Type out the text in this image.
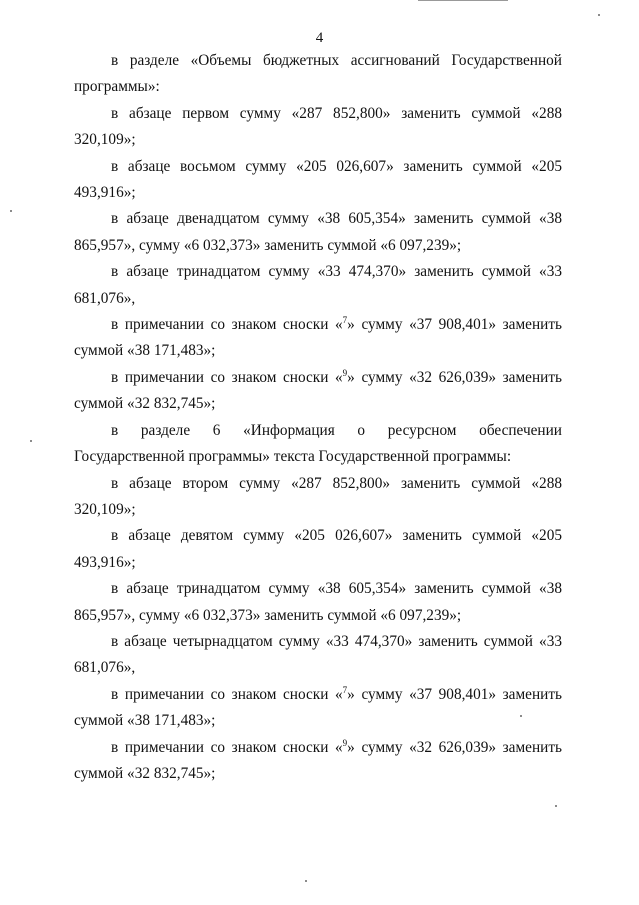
4

в разделе «Объемы бюджетных ассигнований Государственной программы»:

в абзаце первом сумму «287 852,800» заменить суммой «288 320,109»;

в абзаце восьмом сумму «205 026,607» заменить суммой «205 493,916»;

в абзаце двенадцатом сумму «38 605,354» заменить суммой «38 865,957», сумму «6 032,373» заменить суммой «6 097,239»;

в абзаце тринадцатом сумму «33 474,370» заменить суммой «33 681,076»,

в примечании со знаком сноски «$^7$» сумму «37 908,401» заменить суммой «38 171,483»;

в примечании со знаком сноски «$^9$» сумму «32 626,039» заменить суммой «32 832,745»;

в разделе 6 «Информация о ресурсном обеспечении Государственной программы» текста Государственной программы:

в абзаце втором сумму «287 852,800» заменить суммой «288 320,109»;

в абзаце девятом сумму «205 026,607» заменить суммой «205 493,916»;

в абзаце тринадцатом сумму «38 605,354» заменить суммой «38 865,957», сумму «6 032,373» заменить суммой «6 097,239»;

в абзаце четырнадцатом сумму «33 474,370» заменить суммой «33 681,076»,

в примечании со знаком сноски «$^7$» сумму «37 908,401» заменить суммой «38 171,483»;

в примечании со знаком сноски «$^9$» сумму «32 626,039» заменить суммой «32 832,745»;
